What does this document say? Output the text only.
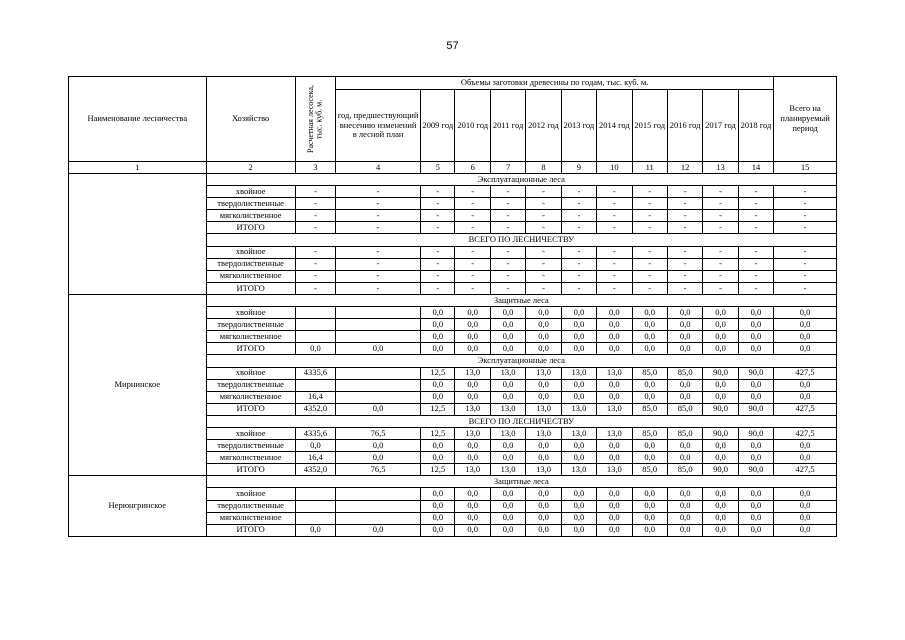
57
Наименование лесничества	Хозяйство	Расчетная лесосека, тыс. куб. м.	Объемы заготовки древесины по годам, тыс. куб. м.											Всего на планируемый период
			год, предшествующий внесению изменений в лесной план	2009 год	2010 год	2011 год	2012 год	2013 год	2014 год	2015 год	2016 год	2017 год	2018 год	
1	2	3	4	5	6	7	8	9	10	11	12	13	14	15
	Эксплуатационные леса													
	хвойное	-	-	-	-	-	-	-	-	-	-	-	-	-
	твердолиственные	-	-	-	-	-	-	-	-	-	-	-	-	-
	мягколиственное	-	-	-	-	-	-	-	-	-	-	-	-	-
	ИТОГО	-	-	-	-	-	-	-	-	-	-	-	-	-
	ВСЕГО ПО ЛЕСНИЧЕСТВУ													
	хвойное	-	-	-	-	-	-	-	-	-	-	-	-	-
	твердолиственные	-	-	-	-	-	-	-	-	-	-	-	-	-
	мягколиственное	-	-	-	-	-	-	-	-	-	-	-	-	-
	ИТОГО	-	-	-	-	-	-	-	-	-	-	-	-	-
Мирнинское	Защитные леса													
	хвойное			0,0	0,0	0,0	0,0	0,0	0,0	0,0	0,0	0,0	0,0	0,0
	твердолиственные			0,0	0,0	0,0	0,0	0,0	0,0	0,0	0,0	0,0	0,0	0,0
	мягколиственное			0,0	0,0	0,0	0,0	0,0	0,0	0,0	0,0	0,0	0,0	0,0
	ИТОГО	0,0	0,0	0,0	0,0	0,0	0,0	0,0	0,0	0,0	0,0	0,0	0,0	0,0
	Эксплуатационные леса													
	хвойное	4335,6		12,5	13,0	13,0	13,0	13,0	13,0	85,0	85,0	90,0	90,0	427,5
	твердолиственные			0,0	0,0	0,0	0,0	0,0	0,0	0,0	0,0	0,0	0,0	0,0
	мягколиственное	16,4		0,0	0,0	0,0	0,0	0,0	0,0	0,0	0,0	0,0	0,0	0,0
	ИТОГО	4352,0	0,0	12,5	13,0	13,0	13,0	13,0	13,0	85,0	85,0	90,0	90,0	427,5
	ВСЕГО ПО ЛЕСНИЧЕСТВУ													
	хвойное	4335,6	76,5	12,5	13,0	13,0	13,0	13,0	13,0	85,0	85,0	90,0	90,0	427,5
	твердолиственные	0,0	0,0	0,0	0,0	0,0	0,0	0,0	0,0	0,0	0,0	0,0	0,0	0,0
	мягколиственное	16,4	0,0	0,0	0,0	0,0	0,0	0,0	0,0	0,0	0,0	0,0	0,0	0,0
	ИТОГО	4352,0	76,5	12,5	13,0	13,0	13,0	13,0	13,0	85,0	85,0	90,0	90,0	427,5
Нерюнгринское	Защитные леса													
	хвойное			0,0	0,0	0,0	0,0	0,0	0,0	0,0	0,0	0,0	0,0	0,0
	твердолиственные			0,0	0,0	0,0	0,0	0,0	0,0	0,0	0,0	0,0	0,0	0,0
	мягколиственное			0,0	0,0	0,0	0,0	0,0	0,0	0,0	0,0	0,0	0,0	0,0
	ИТОГО	0,0	0,0	0,0	0,0	0,0	0,0	0,0	0,0	0,0	0,0	0,0	0,0	0,0
